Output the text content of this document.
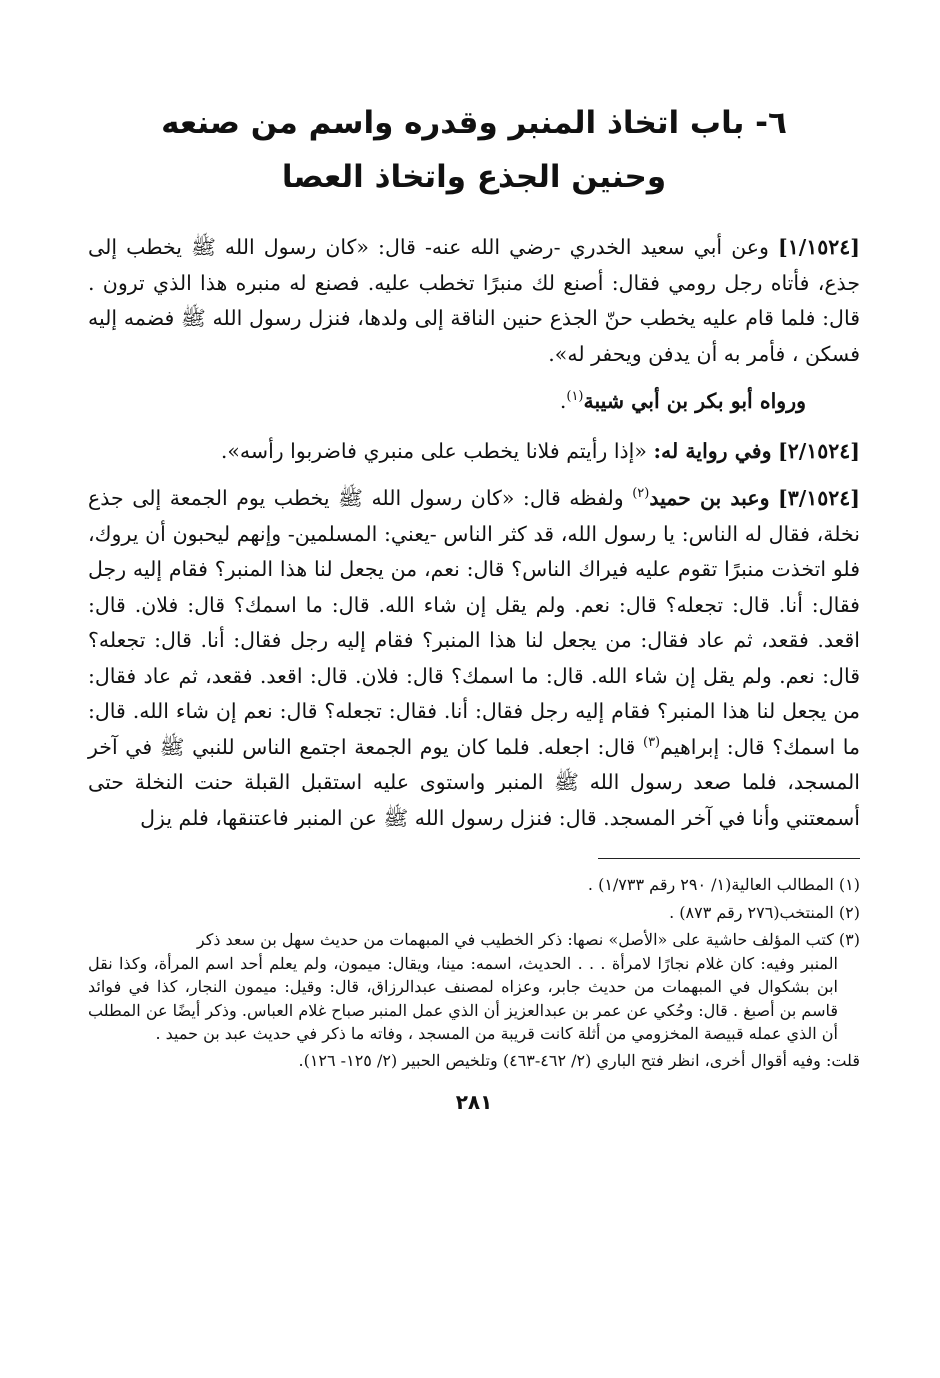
٦- باب اتخاذ المنبر وقدره واسم من صنعه
وحنين الجذع واتخاذ العصا

[١/١٥٢٤] وعن أبي سعيد الخدري -رضي الله عنه- قال: «كان رسول الله ﷺ يخطب إلى جذع، فأتاه رجل رومي فقال: أصنع لك منبرًا تخطب عليه. فصنع له منبره هذا الذي ترون . قال: فلما قام عليه يخطب حنّ الجذع حنين الناقة إلى ولدها، فنزل رسول الله ﷺ فضمه إليه فسكن ، فأمر به أن يدفن ويحفر له».

ورواه أبو بكر بن أبي شيبة$^{(١)}$.

[٢/١٥٢٤] وفي رواية له: «إذا رأيتم فلانا يخطب على منبري فاضربوا رأسه».

[٣/١٥٢٤] وعبد بن حميد$^{(٢)}$ ولفظه قال: «كان رسول الله ﷺ يخطب يوم الجمعة إلى جذع نخلة، فقال له الناس: يا رسول الله، قد كثر الناس -يعني: المسلمين- وإنهم ليحبون أن يروك، فلو اتخذت منبرًا تقوم عليه فيراك الناس؟ قال: نعم، من يجعل لنا هذا المنبر؟ فقام إليه رجل فقال: أنا. قال: تجعله؟ قال: نعم. ولم يقل إن شاء الله. قال: ما اسمك؟ قال: فلان. قال: اقعد. فقعد، ثم عاد فقال: من يجعل لنا هذا المنبر؟ فقام إليه رجل فقال: أنا. قال: تجعله؟ قال: نعم. ولم يقل إن شاء الله. قال: ما اسمك؟ قال: فلان. قال: اقعد. فقعد، ثم عاد فقال: من يجعل لنا هذا المنبر؟ فقام إليه رجل فقال: أنا. فقال: تجعله؟ قال: نعم إن شاء الله. قال: ما اسمك؟ قال: إبراهيم$^{(٣)}$ قال: اجعله. فلما كان يوم الجمعة اجتمع الناس للنبي ﷺ في آخر المسجد، فلما صعد رسول الله ﷺ المنبر واستوى عليه استقبل القبلة حنت النخلة حتى أسمعتني وأنا في آخر المسجد. قال: فنزل رسول الله ﷺ عن المنبر فاعتنقها، فلم يزل

(١) المطالب العالية(١/ ٢٩٠ رقم ١/٧٣٣) .

(٢) المنتخب(٢٧٦ رقم ٨٧٣) .

(٣) كتب المؤلف حاشية على «الأصل» نصها: ذكر الخطيب في المبهمات من حديث سهل بن سعد ذكر

المنبر وفيه: كان غلام نجارًا لامرأة . . . الحديث، اسمه: مينا، ويقال: ميمون، ولم يعلم أحد اسم المرأة، وكذا نقل ابن بشكوال في المبهمات من حديث جابر، وعزاه لمصنف عبدالرزاق، قال: وقيل: ميمون النجار، كذا في فوائد قاسم بن أصبغ . قال: وحُكي عن عمر بن عبدالعزيز أن الذي عمل المنبر صباح غلام العباس. وذكر أيضًا عن المطلب أن الذي عمله قبيصة المخزومي من أثلة كانت قريبة من المسجد ، وفاته ما ذكر في حديث عبد بن حميد .

قلت: وفيه أقوال أخرى، انظر فتح الباري (٢/ ٤٦٢-٤٦٣) وتلخيص الحبير (٢/ ١٢٥- ١٢٦).

٢٨١
